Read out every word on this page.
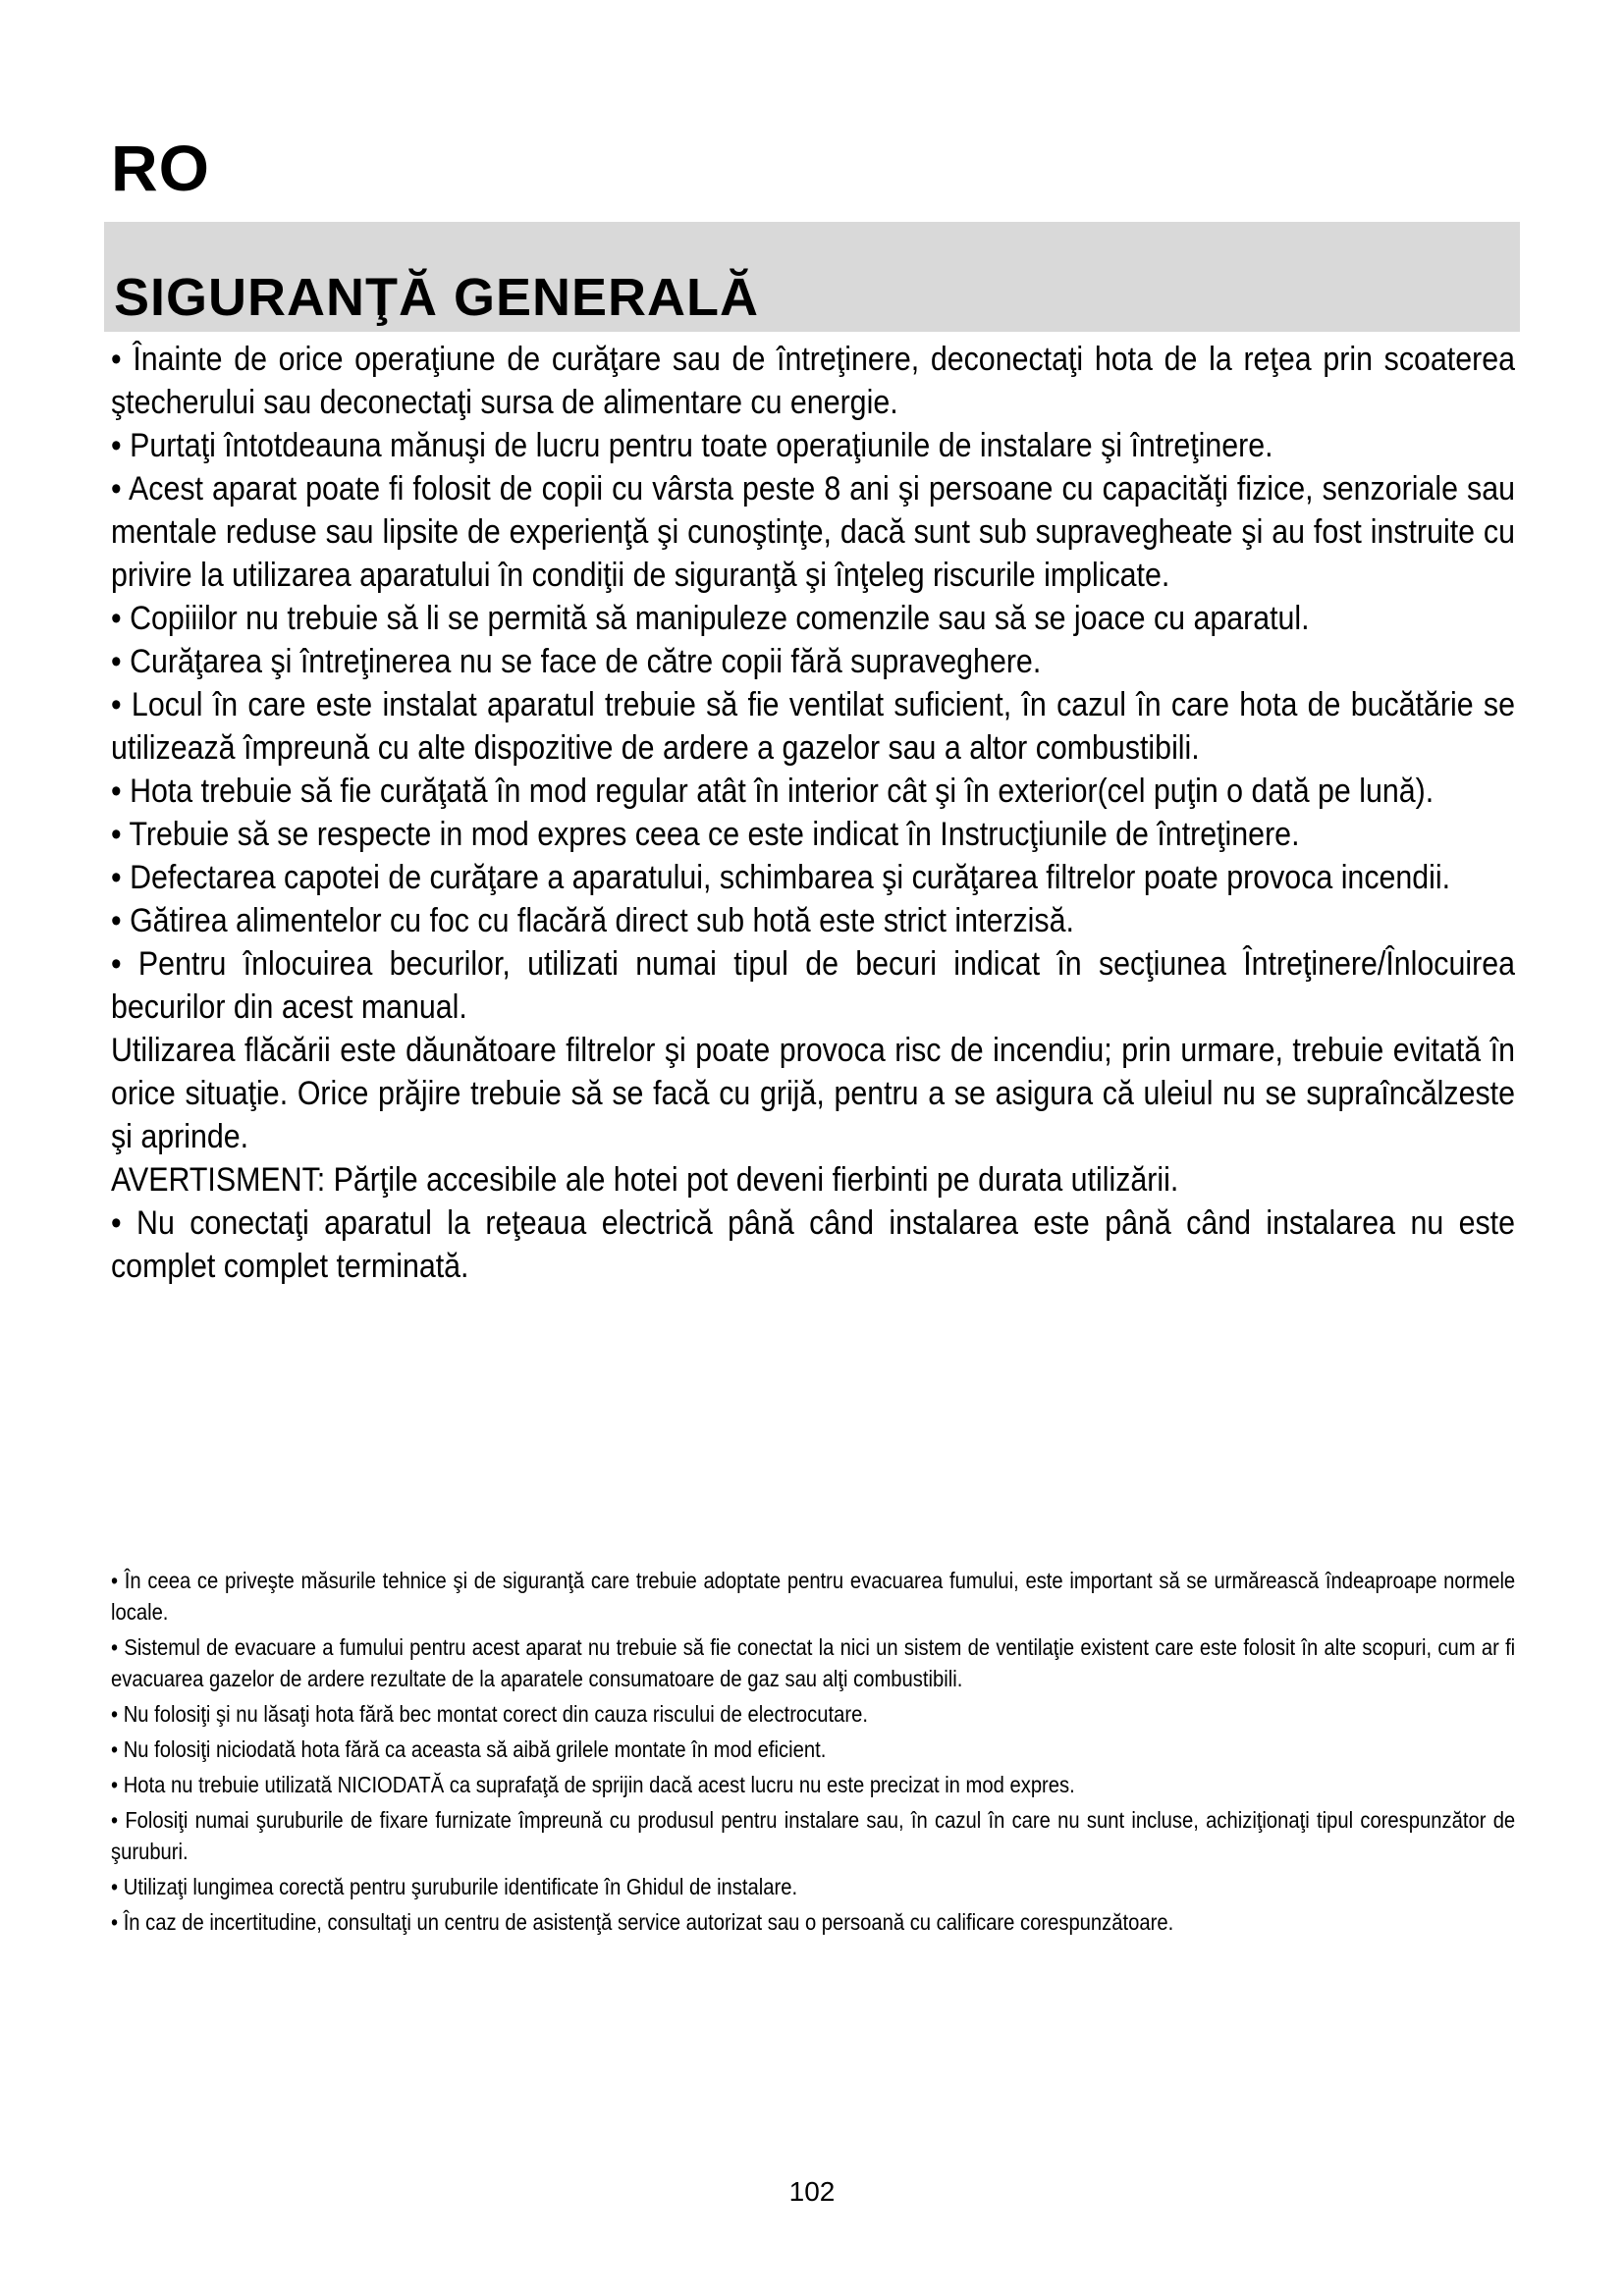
RO
SIGURANŢĂ GENERALĂ

• Înainte de orice operaţiune de curăţare sau de întreţinere, deconectaţi hota de la reţea prin scoaterea ştecherului sau deconectaţi sursa de alimentare cu energie.

• Purtaţi întotdeauna mănuşi de lucru pentru toate operaţiunile de instalare şi întreţinere.

• Acest aparat poate fi folosit de copii cu vârsta peste 8 ani şi persoane cu capacităţi fizice, senzoriale sau mentale reduse sau lipsite de experienţă şi cunoştinţe, dacă sunt sub supravegheate şi au fost instruite cu privire la utilizarea aparatului în condiţii de siguranţă şi înţeleg riscurile implicate.

• Copiiilor nu trebuie să li se permită să manipuleze comenzile sau să se joace cu aparatul.

• Curăţarea şi întreţinerea nu se face de către copii fără supraveghere.

• Locul în care este instalat aparatul trebuie să fie ventilat suficient, în cazul în care hota de bucătărie se utilizează împreună cu alte dispozitive de ardere a gazelor sau a altor combustibili.

• Hota trebuie să fie curăţată în mod regular atât în interior cât şi în exterior(cel puţin o dată pe lună).

• Trebuie să se respecte in mod expres ceea ce este indicat în Instrucţiunile de întreţinere.

• Defectarea capotei de curăţare a aparatului, schimbarea şi curăţarea filtrelor poate provoca incendii.

• Gătirea alimentelor cu foc cu flacără direct sub hotă este strict interzisă.

• Pentru înlocuirea becurilor, utilizati numai tipul de becuri indicat în secţiunea Întreţinere/Înlocuirea becurilor din acest manual.

Utilizarea flăcării este dăunătoare filtrelor şi poate provoca risc de incendiu; prin urmare, trebuie evitată în orice situaţie. Orice prăjire trebuie să se facă cu grijă, pentru a se asigura că uleiul nu se supraîncălzeste şi aprinde.

AVERTISMENT: Părţile accesibile ale hotei pot deveni fierbinti pe durata utilizării.

• Nu conectaţi aparatul la reţeaua electrică până când instalarea este până când instalarea nu este complet complet terminată.

• În ceea ce priveşte măsurile tehnice şi de siguranţă care trebuie adoptate pentru evacuarea fumului, este important să se urmărească îndeaproape normele locale.

• Sistemul de evacuare a fumului pentru acest aparat nu trebuie să fie conectat la nici un sistem de ventilaţie existent care este folosit în alte scopuri, cum ar fi evacuarea gazelor de ardere rezultate de la aparatele consumatoare de gaz sau alţi combustibili.

• Nu folosiţi şi nu lăsaţi hota fără bec montat corect din cauza riscului de electrocutare.

• Nu folosiţi niciodată hota fără ca aceasta să aibă grilele montate în mod eficient.

• Hota nu trebuie utilizată NICIODATĂ ca suprafaţă de sprijin dacă acest lucru nu este precizat in mod expres.

• Folosiţi numai şuruburile de fixare furnizate împreună cu produsul pentru instalare sau, în cazul în care nu sunt incluse, achiziţionaţi tipul corespunzător de şuruburi.

• Utilizaţi lungimea corectă pentru şuruburile identificate în Ghidul de instalare.

• În caz de incertitudine, consultaţi un centru de asistenţă service autorizat sau o persoană cu calificare corespunzătoare.

102
